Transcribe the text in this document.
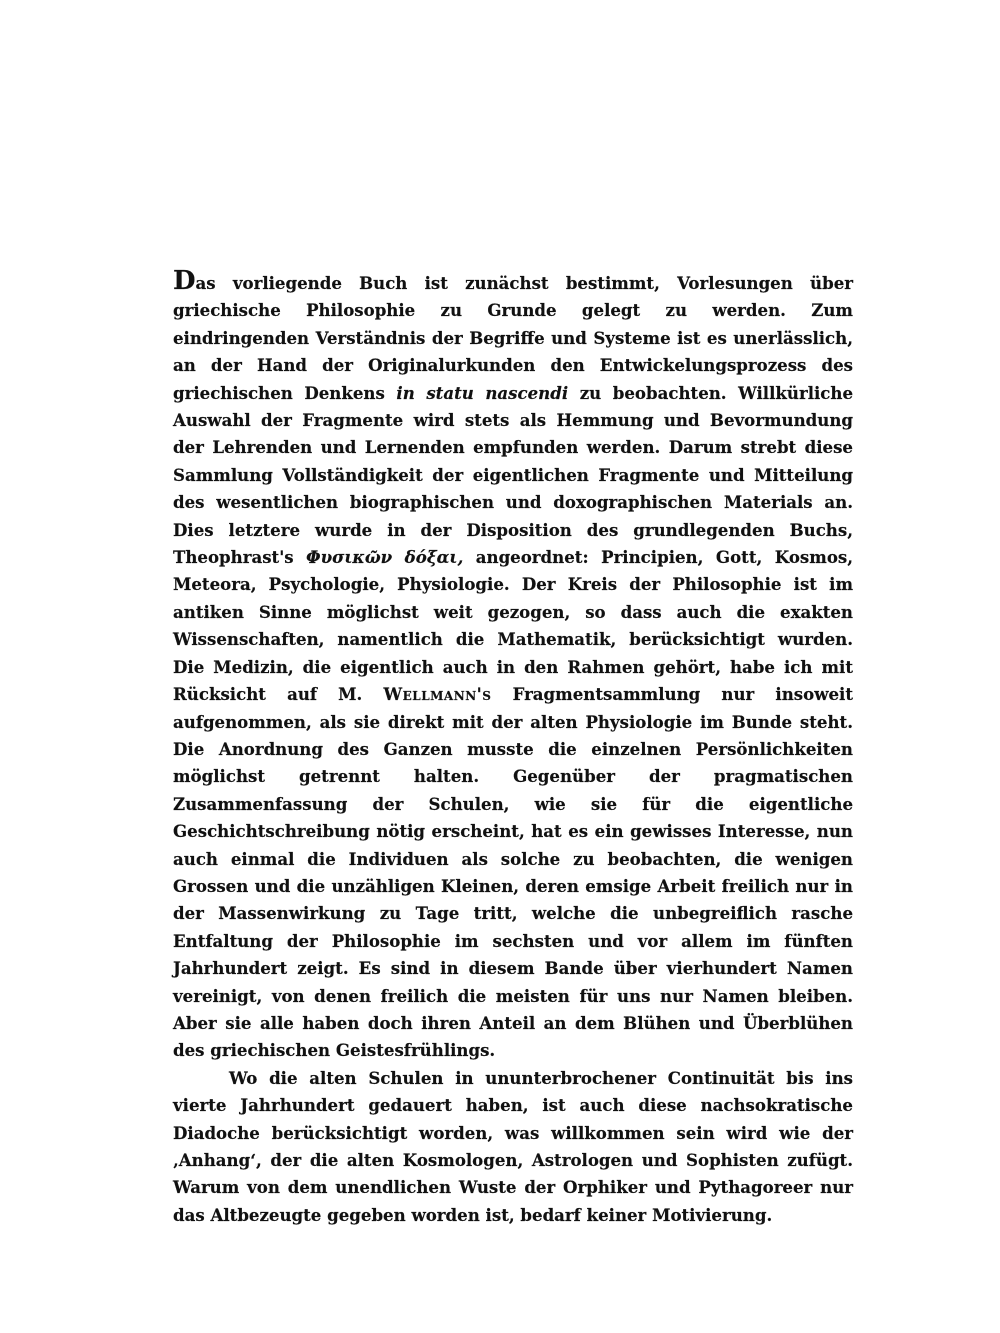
Das vorliegende Buch ist zunächst bestimmt, Vorlesungen über griechische Philosophie zu Grunde gelegt zu werden. Zum eindringenden Verständnis der Begriffe und Systeme ist es unerlässlich, an der Hand der Originalurkunden den Entwickelungsprozess des griechischen Denkens in statu nascendi zu beobachten. Willkürliche Auswahl der Fragmente wird stets als Hemmung und Bevormundung der Lehrenden und Lernenden empfunden werden. Darum strebt diese Sammlung Vollständigkeit der eigentlichen Fragmente und Mitteilung des wesentlichen biographischen und doxographischen Materials an. Dies letztere wurde in der Disposition des grundlegenden Buchs, Theophrast's Φυσικῶν δόξαι, angeordnet: Principien, Gott, Kosmos, Meteora, Psychologie, Physiologie. Der Kreis der Philosophie ist im antiken Sinne möglichst weit gezogen, so dass auch die exakten Wissenschaften, namentlich die Mathematik, berücksichtigt wurden. Die Medizin, die eigentlich auch in den Rahmen gehört, habe ich mit Rücksicht auf M. Wellmann's Fragmentsammlung nur insoweit aufgenommen, als sie direkt mit der alten Physiologie im Bunde steht. Die Anordnung des Ganzen musste die einzelnen Persönlichkeiten möglichst getrennt halten. Gegenüber der pragmatischen Zusammenfassung der Schulen, wie sie für die eigentliche Geschichtschreibung nötig erscheint, hat es ein gewisses Interesse, nun auch einmal die Individuen als solche zu beobachten, die wenigen Grossen und die unzähligen Kleinen, deren emsige Arbeit freilich nur in der Massenwirkung zu Tage tritt, welche die unbegreiflich rasche Entfaltung der Philosophie im sechsten und vor allem im fünften Jahrhundert zeigt. Es sind in diesem Bande über vierhundert Namen vereinigt, von denen freilich die meisten für uns nur Namen bleiben. Aber sie alle haben doch ihren Anteil an dem Blühen und Überblühen des griechischen Geistesfrühlings.

Wo die alten Schulen in ununterbrochener Continuität bis ins vierte Jahrhundert gedauert haben, ist auch diese nachsokratische Diadoche berücksichtigt worden, was willkommen sein wird wie der ‚Anhang‘, der die alten Kosmologen, Astrologen und Sophisten zufügt. Warum von dem unendlichen Wuste der Orphiker und Pythagoreer nur das Altbezeugte gegeben worden ist, bedarf keiner Motivierung.
